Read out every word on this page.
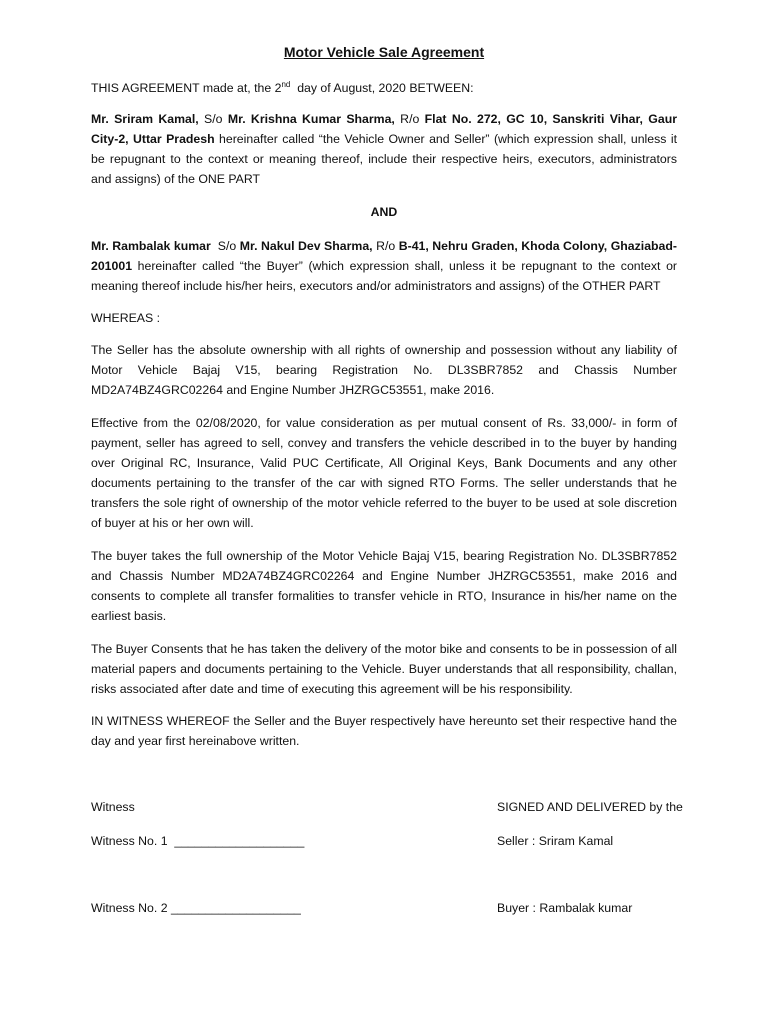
Motor Vehicle Sale Agreement

THIS AGREEMENT made at, the 2nd  day of August, 2020 BETWEEN:

Mr. Sriram Kamal, S/o Mr. Krishna Kumar Sharma, R/o Flat No. 272, GC 10, Sanskriti Vihar, Gaur City-2, Uttar Pradesh hereinafter called “the Vehicle Owner and Seller” (which expression shall, unless it be repugnant to the context or meaning thereof, include their respective heirs, executors, administrators and assigns) of the ONE PART

AND

Mr. Rambalak kumar  S/o Mr. Nakul Dev Sharma, R/o B-41, Nehru Graden, Khoda Colony, Ghaziabad-201001 hereinafter called “the Buyer” (which expression shall, unless it be repugnant to the context or meaning thereof include his/her heirs, executors and/or administrators and assigns) of the OTHER PART

WHEREAS :

The Seller has the absolute ownership with all rights of ownership and possession without any liability of Motor Vehicle Bajaj V15, bearing Registration No. DL3SBR7852 and Chassis Number MD2A74BZ4GRC02264 and Engine Number JHZRGC53551, make 2016.

Effective from the 02/08/2020, for value consideration as per mutual consent of Rs. 33,000/- in form of payment, seller has agreed to sell, convey and transfers the vehicle described in to the buyer by handing over Original RC, Insurance, Valid PUC Certificate, All Original Keys, Bank Documents and any other documents pertaining to the transfer of the car with signed RTO Forms. The seller understands that he transfers the sole right of ownership of the motor vehicle referred to the buyer to be used at sole discretion of buyer at his or her own will.

The buyer takes the full ownership of the Motor Vehicle Bajaj V15, bearing Registration No. DL3SBR7852 and Chassis Number MD2A74BZ4GRC02264 and Engine Number JHZRGC53551, make 2016 and consents to complete all transfer formalities to transfer vehicle in RTO, Insurance in his/her name on the earliest basis.

The Buyer Consents that he has taken the delivery of the motor bike and consents to be in possession of all material papers and documents pertaining to the Vehicle. Buyer understands that all responsibility, challan, risks associated after date and time of executing this agreement will be his responsibility.

IN WITNESS WHEREOF the Seller and the Buyer respectively have hereunto set their respective hand the day and year first hereinabove written.

Witness	SIGNED AND DELIVERED by the

Witness No. 1  ___________________	Seller : Sriram Kamal

Witness No. 2 ___________________	Buyer : Rambalak kumar
